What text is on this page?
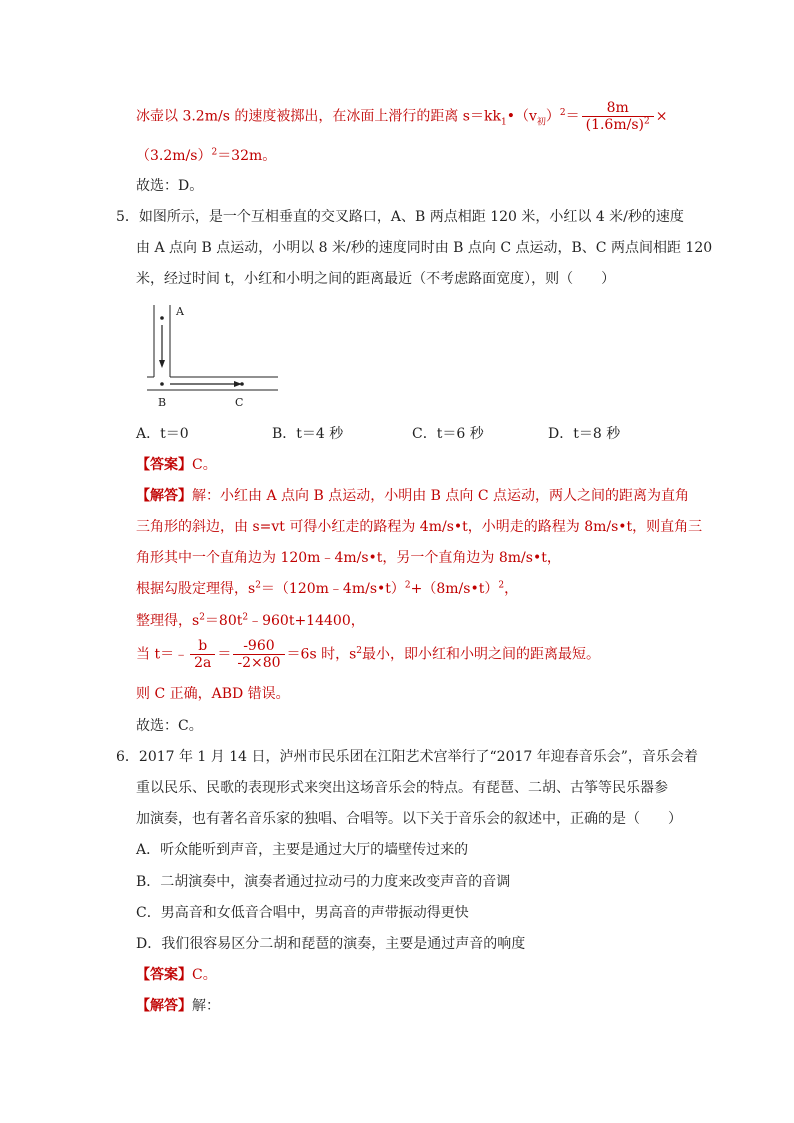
冰壶以 3.2m/s 的速度被掷出，在冰面上滑行的距离 $s=kk_1•(v_初)^2= \frac{8m}{(1.6m/s)^2}$ ×
$(3.2m/s)^2=32m$。
故选：D。
5．如图所示，是一个互相垂直的交叉路口，A、B 两点相距 120 米，小红以 4 米/秒的速度
由 A 点向 B 点运动，小明以 8 米/秒的速度同时由 B 点向 C 点运动，B、C 两点间相距 120
米，经过时间 t，小红和小明之间的距离最近（不考虑路面宽度），则（　　）
A
B	C
A．t＝0	B．t＝4 秒	C．t＝6 秒	D．t＝8 秒
【答案】C。
【解答】解：小红由 A 点向 B 点运动，小明由 B 点向 C 点运动，两人之间的距离为直角
三角形的斜边，由 s=vt 可得小红走的路程为 4m/s•t，小明走的路程为 8m/s•t，则直角三
角形其中一个直角边为 120m﹣4m/s•t，另一个直角边为 8m/s•t，
根据勾股定理得，$s^2=(120m﹣4m/s•t)^2+(8m/s•t)^2$，
整理得，$s^2=80t^2﹣960t+14400$，
当 t＝﹣ $\frac{b}{2a} = \frac{-960}{-2\times 80} =6s$ 时，$s^2$最小，即小红和小明之间的距离最短。
则 C 正确，ABD 错误。
故选：C。
6．2017 年 1 月 14 日，泸州市民乐团在江阳艺术宫举行了“2017 年迎春音乐会”，音乐会着
重以民乐、民歌的表现形式来突出这场音乐会的特点。有琵琶、二胡、古筝等民乐器参
加演奏，也有著名音乐家的独唱、合唱等。以下关于音乐会的叙述中，正确的是（　　）
A．听众能听到声音，主要是通过大厅的墙壁传过来的
B．二胡演奏中，演奏者通过拉动弓的力度来改变声音的音调
C．男高音和女低音合唱中，男高音的声带振动得更快
D．我们很容易区分二胡和琵琶的演奏，主要是通过声音的响度
【答案】C。
【解答】解：
